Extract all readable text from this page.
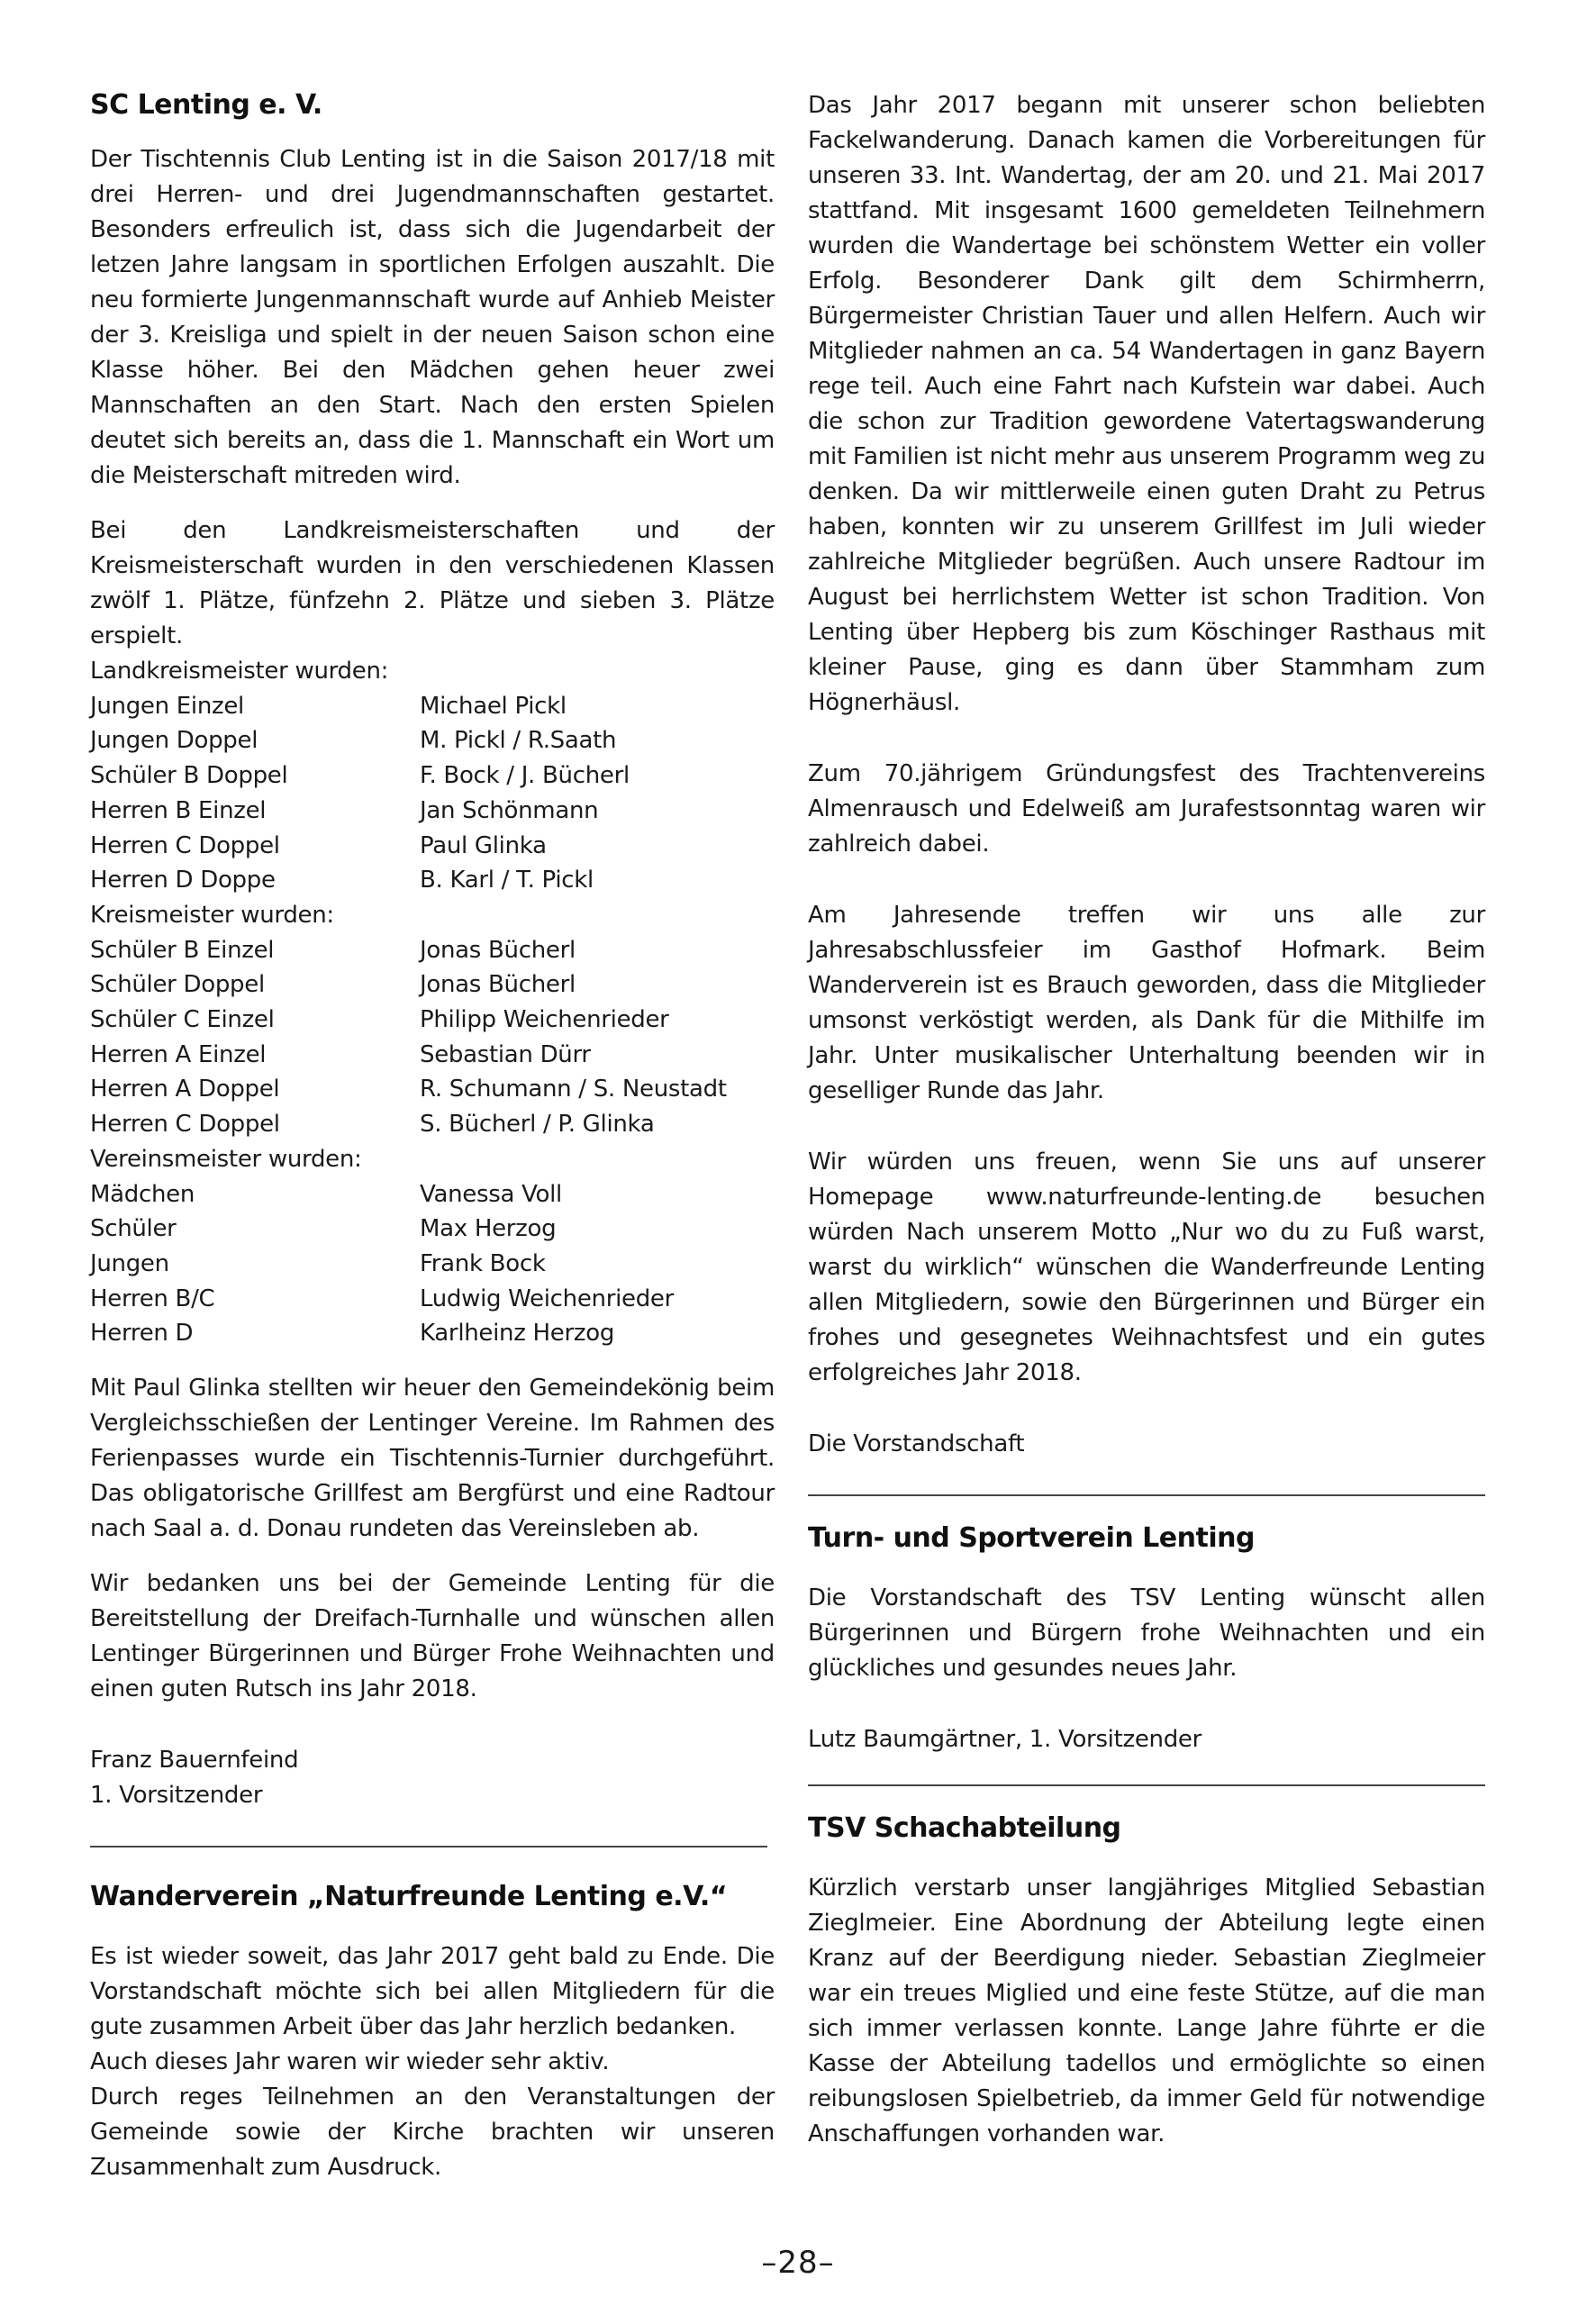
SC Lenting e. V.

Der Tischtennis Club Lenting ist in die Saison 2017/18 mit drei Herren- und drei Jugendmannschaften gestartet. Besonders erfreulich ist, dass sich die Jugendarbeit der letzen Jahre langsam in sportlichen Erfolgen auszahlt. Die neu formierte Jungenmannschaft wurde auf Anhieb Meister der 3. Kreisliga und spielt in der neuen Saison schon eine Klasse höher. Bei den Mädchen gehen heuer zwei Mannschaften an den Start. Nach den ersten Spielen deutet sich bereits an, dass die 1. Mannschaft ein Wort um die Meisterschaft mitreden wird.

Bei den Landkreismeisterschaften und der Kreismeisterschaft wurden in den verschiedenen Klassen zwölf 1. Plätze, fünfzehn 2. Plätze und sieben 3. Plätze erspielt.

Landkreismeister wurden:
Jungen Einzel	Michael Pickl
Jungen Doppel	M. Pickl / R.Saath
Schüler B Doppel	F. Bock / J. Bücherl
Herren B Einzel	Jan Schönmann
Herren C Doppel	Paul Glinka
Herren D Doppe	B. Karl / T. Pickl
Kreismeister wurden:
Schüler B Einzel	Jonas Bücherl
Schüler Doppel	Jonas Bücherl
Schüler C Einzel	Philipp Weichenrieder
Herren A Einzel	Sebastian Dürr
Herren A Doppel	R. Schumann / S. Neustadt
Herren C Doppel	S. Bücherl / P. Glinka
Vereinsmeister wurden:
Mädchen	Vanessa Voll
Schüler	Max Herzog
Jungen	Frank Bock
Herren B/C	Ludwig Weichenrieder
Herren D	Karlheinz Herzog

Mit Paul Glinka stellten wir heuer den Gemeindekönig beim Vergleichsschießen der Lentinger Vereine. Im Rahmen des Ferienpasses wurde ein Tischtennis-Turnier durchgeführt. Das obligatorische Grillfest am Bergfürst und eine Radtour nach Saal a. d. Donau rundeten das Vereinsleben ab.

Wir bedanken uns bei der Gemeinde Lenting für die Bereitstellung der Dreifach-Turnhalle und wünschen allen Lentinger Bürgerinnen und Bürger Frohe Weihnachten und einen guten Rutsch ins Jahr 2018.

Franz Bauernfeind
1. Vorsitzender
Wanderverein „Naturfreunde Lenting e.V.“

Es ist wieder soweit, das Jahr 2017 geht bald zu Ende. Die Vorstandschaft möchte sich bei allen Mitgliedern für die gute zusammen Arbeit über das Jahr herzlich bedanken.

Auch dieses Jahr waren wir wieder sehr aktiv.

Durch reges Teilnehmen an den Veranstaltungen der Gemeinde sowie der Kirche brachten wir unseren Zusammenhalt zum Ausdruck.

Das Jahr 2017 begann mit unserer schon beliebten Fackelwanderung. Danach kamen die Vorbereitungen für unseren 33. Int. Wandertag, der am 20. und 21. Mai 2017 stattfand. Mit insgesamt 1600 gemeldeten Teilnehmern wurden die Wandertage bei schönstem Wetter ein voller Erfolg. Besonderer Dank gilt dem Schirmherrn, Bürgermeister Christian Tauer und allen Helfern. Auch wir Mitglieder nahmen an ca. 54 Wandertagen in ganz Bayern rege teil. Auch eine Fahrt nach Kufstein war dabei. Auch die schon zur Tradition gewordene Vatertagswanderung mit Familien ist nicht mehr aus unserem Programm weg zu denken. Da wir mittlerweile einen guten Draht zu Petrus haben, konnten wir zu unserem Grillfest im Juli wieder zahlreiche Mitglieder begrüßen. Auch unsere Radtour im August bei herrlichstem Wetter ist schon Tradition. Von Lenting über Hepberg bis zum Köschinger Rasthaus mit kleiner Pause, ging es dann über Stammham zum Högnerhäusl.

Zum 70.jährigem Gründungsfest des Trachtenvereins Almenrausch und Edelweiß am Jurafestsonntag waren wir zahlreich dabei.

Am Jahresende treffen wir uns alle zur Jahresabschlussfeier im Gasthof Hofmark. Beim Wanderverein ist es Brauch geworden, dass die Mitglieder umsonst verköstigt werden, als Dank für die Mithilfe im Jahr. Unter musikalischer Unterhaltung beenden wir in geselliger Runde das Jahr.

Wir würden uns freuen, wenn Sie uns auf unserer Homepage www.naturfreunde-lenting.de besuchen würden Nach unserem Motto „Nur wo du zu Fuß warst, warst du wirklich“ wünschen die Wanderfreunde Lenting allen Mitgliedern, sowie den Bürgerinnen und Bürger ein frohes und gesegnetes Weihnachtsfest und ein gutes erfolgreiches Jahr 2018.

Die Vorstandschaft
Turn- und Sportverein Lenting

Die Vorstandschaft des TSV Lenting wünscht allen Bürgerinnen und Bürgern frohe Weihnachten und ein glückliches und gesundes neues Jahr.

Lutz Baumgärtner, 1. Vorsitzender
TSV Schachabteilung

Kürzlich verstarb unser langjähriges Mitglied Sebastian Zieglmeier. Eine Abordnung der Abteilung legte einen Kranz auf der Beerdigung nieder. Sebastian Zieglmeier war ein treues Miglied und eine feste Stütze, auf die man sich immer verlassen konnte. Lange Jahre führte er die Kasse der Abteilung tadellos und ermöglichte so einen reibungslosen Spielbetrieb, da immer Geld für notwendige Anschaffungen vorhanden war.

–28–
